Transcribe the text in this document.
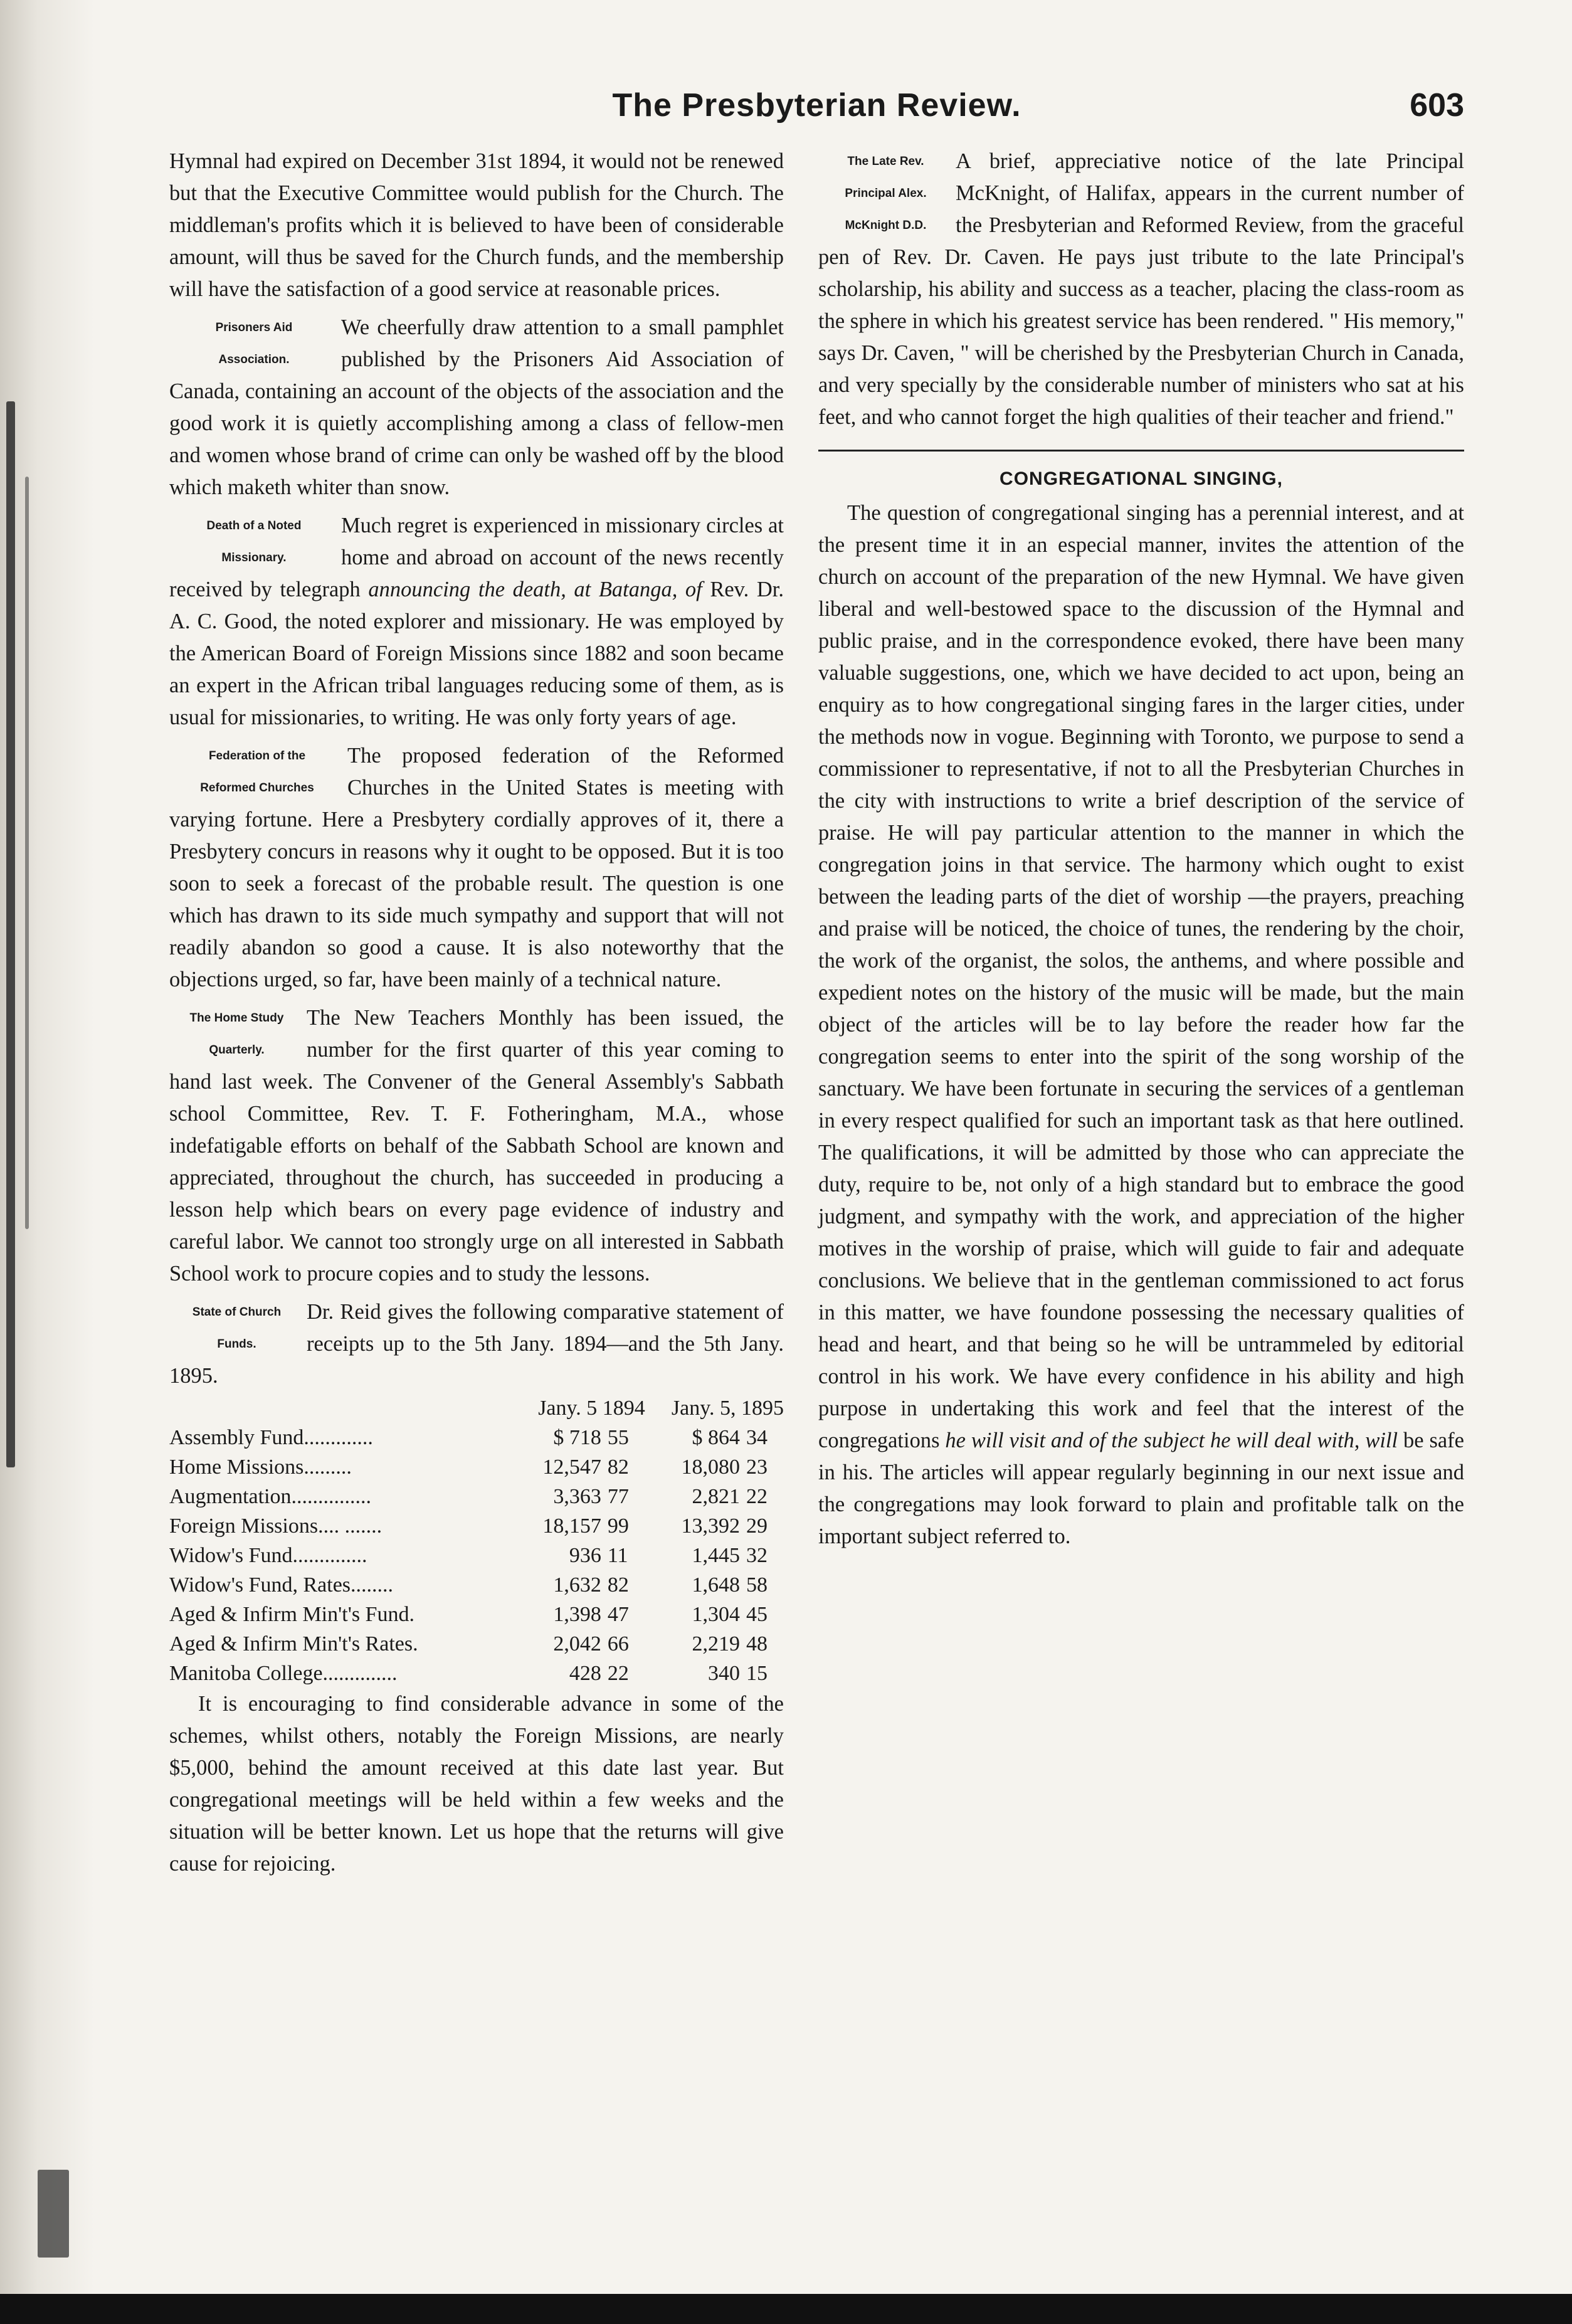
The Presbyterian Review.	603

Hymnal had expired on December 31st 1894, it would not be renewed but that the Executive Committee would publish for the Church. The middleman's profits which it is believed to have been of considerable amount, will thus be saved for the Church funds, and the membership will have the satisfaction of a good service at reasonable prices.

Prisoners Aid
Association.
We cheerfully draw attention to a small pamphlet published by the Prisoners Aid Association of Canada, containing an account of the objects of the association and the good work it is quietly accomplishing among a class of fellow-men and women whose brand of crime can only be washed off by the blood which maketh whiter than snow.

Death of a Noted
Missionary.
Much regret is experienced in missionary circles at home and abroad on account of the news recently received by telegraph announcing the death, at Batanga, of Rev. Dr. A. C. Good, the noted explorer and missionary. He was employed by the American Board of Foreign Missions since 1882 and soon became an expert in the African tribal languages reducing some of them, as is usual for missionaries, to writing. He was only forty years of age.

Federation of the
Reformed Churches
The proposed federation of the Reformed Churches in the United States is meeting with varying fortune. Here a Presbytery cordially approves of it, there a Presbytery concurs in reasons why it ought to be opposed. But it is too soon to seek a forecast of the probable result. The question is one which has drawn to its side much sympathy and support that will not readily abandon so good a cause. It is also noteworthy that the objections urged, so far, have been mainly of a technical nature.

The Home Study
Quarterly.
The New Teachers Monthly has been issued, the number for the first quarter of this year coming to hand last week. The Convener of the General Assembly's Sabbath school Committee, Rev. T. F. Fotheringham, M.A., whose indefatigable efforts on behalf of the Sabbath School are known and appreciated, throughout the church, has succeeded in producing a lesson help which bears on every page evidence of industry and careful labor. We cannot too strongly urge on all interested in Sabbath School work to procure copies and to study the lessons.

State of Church
Funds.
Dr. Reid gives the following comparative statement of receipts up to the 5th Jany. 1894—and the 5th Jany. 1895.

	Jany. 5 1894		Jany. 5, 1895	
Assembly Fund.............	$ 718	55	$ 864	34
Home Missions.........	12,547	82	18,080	23
Augmentation...............	3,363	77	2,821	22
Foreign Missions.... .......	18,157	99	13,392	29
Widow's Fund..............	936	11	1,445	32
Widow's Fund, Rates........	1,632	82	1,648	58
Aged & Infirm Min't's Fund.	1,398	47	1,304	45
Aged & Infirm Min't's Rates.	2,042	66	2,219	48
Manitoba College..............	428	22	340	15

It is encouraging to find considerable advance in some of the schemes, whilst others, notably the Foreign Missions, are nearly $5,000, behind the amount received at this date last year. But congregational meetings will be held within a few weeks and the situation will be better known. Let us hope that the returns will give cause for rejoicing.

The Late Rev.
Principal Alex.
McKnight D.D.
A brief, appreciative notice of the late Principal McKnight, of Halifax, appears in the current number of the Presbyterian and Reformed Review, from the graceful pen of Rev. Dr. Caven. He pays just tribute to the late Principal's scholarship, his ability and success as a teacher, placing the class-room as the sphere in which his greatest service has been rendered. " His memory," says Dr. Caven, " will be cherished by the Presbyterian Church in Canada, and very specially by the considerable number of ministers who sat at his feet, and who cannot forget the high qualities of their teacher and friend."

CONGREGATIONAL SINGING,

The question of congregational singing has a perennial interest, and at the present time it in an especial manner, invites the attention of the church on account of the preparation of the new Hymnal. We have given liberal and well-bestowed space to the discussion of the Hymnal and public praise, and in the correspondence evoked, there have been many valuable suggestions, one, which we have decided to act upon, being an enquiry as to how congregational singing fares in the larger cities, under the methods now in vogue. Beginning with Toronto, we purpose to send a commissioner to representative, if not to all the Presbyterian Churches in the city with instructions to write a brief description of the service of praise. He will pay particular attention to the manner in which the congregation joins in that service. The harmony which ought to exist between the leading parts of the diet of worship —the prayers, preaching and praise will be noticed, the choice of tunes, the rendering by the choir, the work of the organist, the solos, the anthems, and where possible and expedient notes on the history of the music will be made, but the main object of the articles will be to lay before the reader how far the congregation seems to enter into the spirit of the song worship of the sanctuary. We have been fortunate in securing the services of a gentleman in every respect qualified for such an important task as that here outlined. The qualifications, it will be admitted by those who can appreciate the duty, require to be, not only of a high standard but to embrace the good judgment, and sympathy with the work, and appreciation of the higher motives in the worship of praise, which will guide to fair and adequate conclusions. We believe that in the gentleman commissioned to act forus in this matter, we have foundone possessing the necessary qualities of head and heart, and that being so he will be untrammeled by editorial control in his work. We have every confidence in his ability and high purpose in undertaking this work and feel that the interest of the congregations he will visit and of the subject he will deal with, will be safe in his. The articles will appear regularly beginning in our next issue and the congregations may look forward to plain and profitable talk on the important subject referred to.
